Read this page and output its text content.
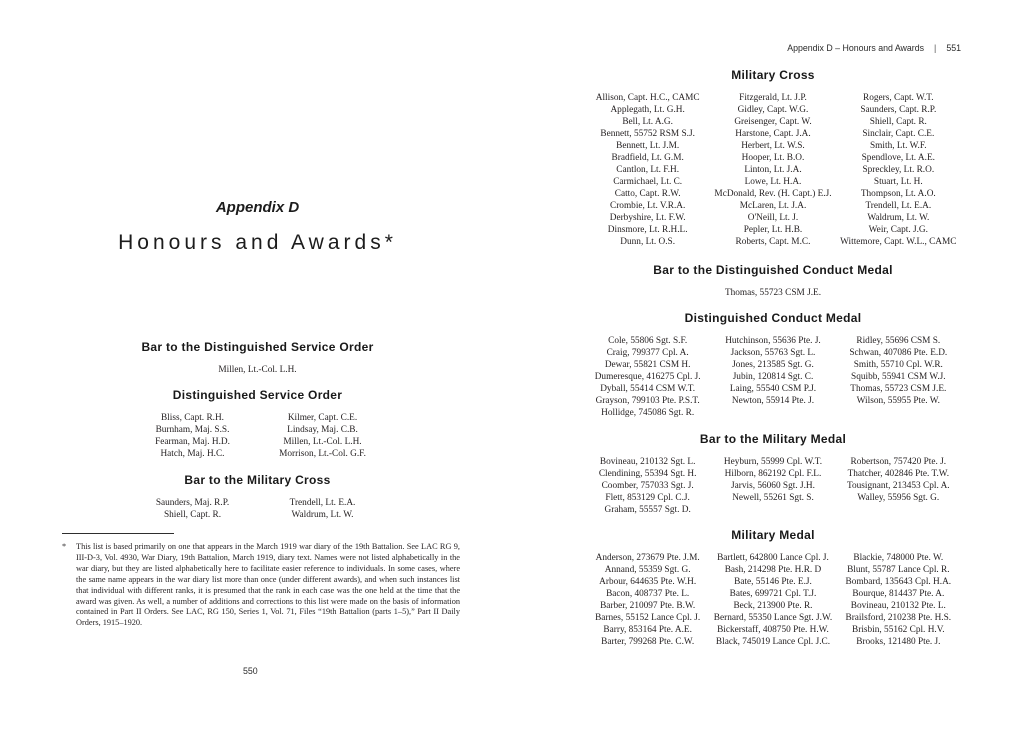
Appendix D – Honours and Awards | 551
Appendix D
Honours and Awards*
Bar to the Distinguished Service Order
Millen, Lt.-Col. L.H.
Distinguished Service Order
Bliss, Capt. R.H.
Burnham, Maj. S.S.
Fearman, Maj. H.D.
Hatch, Maj. H.C.
Kilmer, Capt. C.E.
Lindsay, Maj. C.B.
Millen, Lt.-Col. L.H.
Morrison, Lt.-Col. G.F.
Bar to the Military Cross
Saunders, Maj. R.P.
Shiell, Capt. R.
Trendell, Lt. E.A.
Waldrum, Lt. W.
Military Cross
Allison, Capt. H.C., CAMC
Applegath, Lt. G.H.
Bell, Lt. A.G.
Bennett, 55752 RSM S.J.
Bennett, Lt. J.M.
Bradfield, Lt. G.M.
Cantlon, Lt. F.H.
Carmichael, Lt. C.
Catto, Capt. R.W.
Crombie, Lt. V.R.A.
Derbyshire, Lt. F.W.
Dinsmore, Lt. R.H.L.
Dunn, Lt. O.S.
Fitzgerald, Lt. J.P.
Gidley, Capt. W.G.
Greisenger, Capt. W.
Harstone, Capt. J.A.
Herbert, Lt. W.S.
Hooper, Lt. B.O.
Linton, Lt. J.A.
Lowe, Lt. H.A.
McDonald, Rev. (H. Capt.) E.J.
McLaren, Lt. J.A.
O'Neill, Lt. J.
Pepler, Lt. H.B.
Roberts, Capt. M.C.
Rogers, Capt. W.T.
Saunders, Capt. R.P.
Shiell, Capt. R.
Sinclair, Capt. C.E.
Smith, Lt. W.F.
Spendlove, Lt. A.E.
Spreckley, Lt. R.O.
Stuart, Lt. H.
Thompson, Lt. A.O.
Trendell, Lt. E.A.
Waldrum, Lt. W.
Weir, Capt. J.G.
Wittemore, Capt. W.L., CAMC
Bar to the Distinguished Conduct Medal
Thomas, 55723 CSM J.E.
Distinguished Conduct Medal
Cole, 55806 Sgt. S.F.
Craig, 799377 Cpl. A.
Dewar, 55821 CSM H.
Dumeresque, 416275 Cpl. J.
Dyball, 55414 CSM W.T.
Grayson, 799103 Pte. P.S.T.
Hollidge, 745086 Sgt. R.
Hutchinson, 55636 Pte. J.
Jackson, 55763 Sgt. L.
Jones, 213585 Sgt. G.
Jubin, 120814 Sgt. C.
Laing, 55540 CSM P.J.
Newton, 55914 Pte. J.
Ridley, 55696 CSM S.
Schwan, 407086 Pte. E.D.
Smith, 55710 Cpl. W.R.
Squibb, 55941 CSM W.J.
Thomas, 55723 CSM J.E.
Wilson, 55955 Pte. W.
Bar to the Military Medal
Bovineau, 210132 Sgt. L.
Clendining, 55394 Sgt. H.
Coomber, 757033 Sgt. J.
Flett, 853129 Cpl. C.J.
Graham, 55557 Sgt. D.
Heyburn, 55999 Cpl. W.T.
Hilborn, 862192 Cpl. F.L.
Jarvis, 56060 Sgt. J.H.
Newell, 55261 Sgt. S.
Robertson, 757420 Pte. J.
Thatcher, 402846 Pte. T.W.
Tousignant, 213453 Cpl. A.
Walley, 55956 Sgt. G.
Military Medal
Anderson, 273679 Pte. J.M.
Annand, 55359 Sgt. G.
Arbour, 644635 Pte. W.H.
Bacon, 408737 Pte. L.
Barber, 210097 Pte. B.W.
Barnes, 55152 Lance Cpl. J.
Barry, 853164 Pte. A.E.
Barter, 799268 Pte. C.W.
Bartlett, 642800 Lance Cpl. J.
Bash, 214298 Pte. H.R. D
Bate, 55146 Pte. E.J.
Bates, 699721 Cpl. T.J.
Beck, 213900 Pte. R.
Bernard, 55350 Lance Sgt. J.W.
Bickerstaff, 408750 Pte. H.W.
Black, 745019 Lance Cpl. J.C.
Blackie, 748000 Pte. W.
Blunt, 55787 Lance Cpl. R.
Bombard, 135643 Cpl. H.A.
Bourque, 814437 Pte. A.
Bovineau, 210132 Pte. L.
Brailsford, 210238 Pte. H.S.
Brisbin, 55162 Cpl. H.V.
Brooks, 121480 Pte. J.
*	This list is based primarily on one that appears in the March 1919 war diary of the 19th Battalion. See LAC RG 9, III-D-3, Vol. 4930, War Diary, 19th Battalion, March 1919, diary text. Names were not listed alphabetically in the war diary, but they are listed alphabetically here to facilitate easier reference to individuals. In some cases, where the same name appears in the war diary list more than once (under different awards), and when such instances list that individual with different ranks, it is presumed that the rank in each case was the one held at the time that the award was given. As well, a number of additions and corrections to this list were made on the basis of information contained in Part II Orders. See LAC, RG 150, Series 1, Vol. 71, Files “19th Battalion (parts 1–5),” Part II Daily Orders, 1915–1920.
550
